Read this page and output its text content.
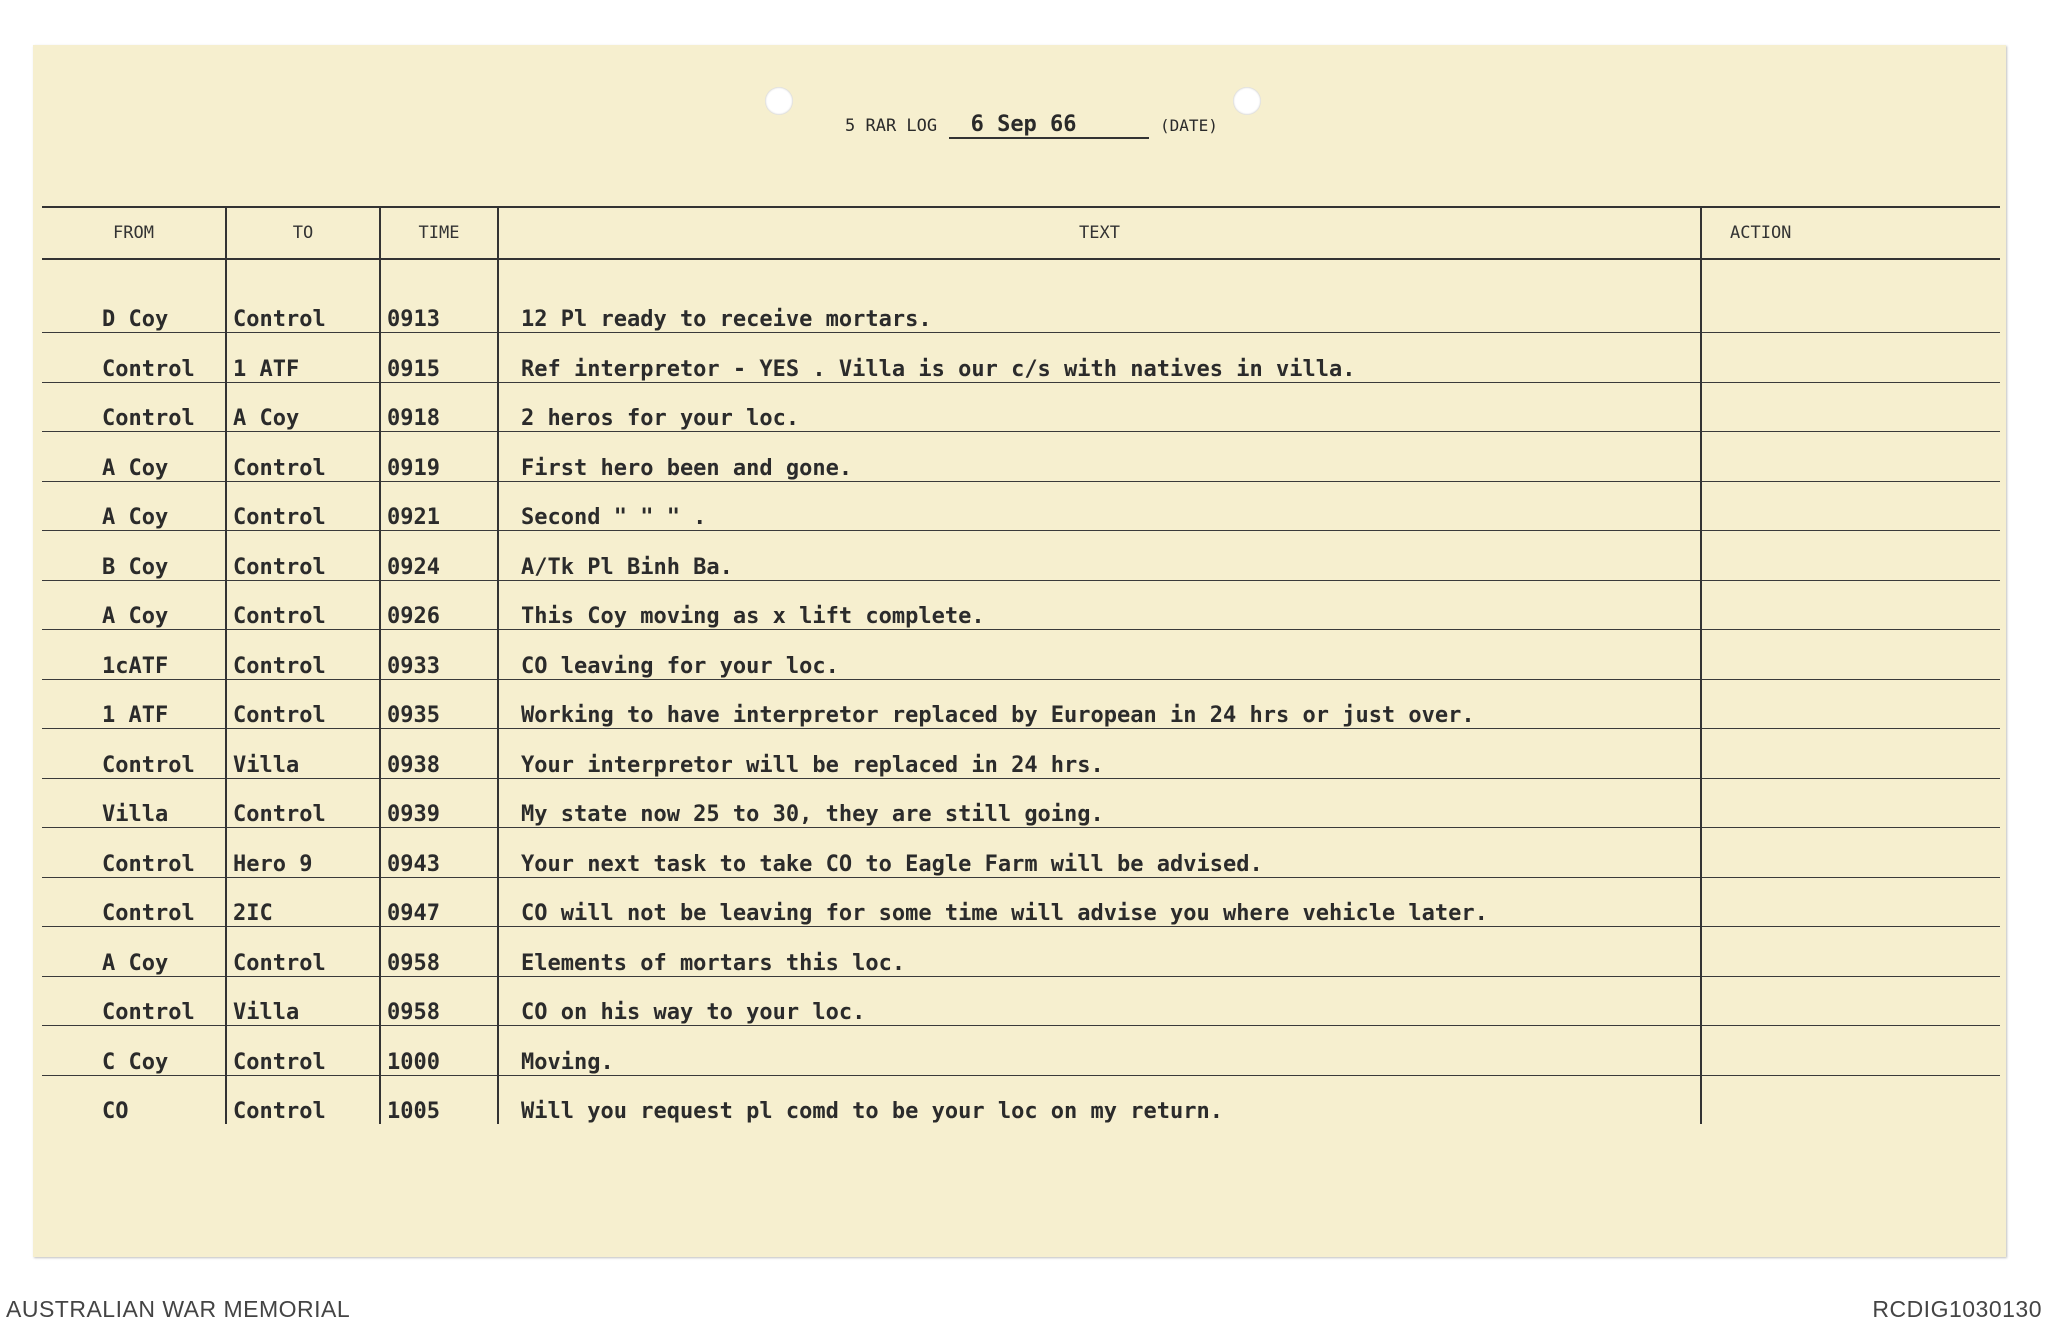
5 RAR LOG 6 Sep 66	(DATE)
FROM	TO	TIME	TEXT	ACTION
D Coy	Control	0913	12 Pl ready to receive mortars.	
Control	1 ATF	0915	Ref interpretor - YES . Villa is our c/s with natives in villa.	
Control	A Coy	0918	2 heros for your loc.	
A Coy	Control	0919	First hero been and gone.	
A Coy	Control	0921	Second " " " .	
B Coy	Control	0924	A/Tk Pl Binh Ba.	
A Coy	Control	0926	This Coy moving as x lift complete.	
1cATF	Control	0933	CO leaving for your loc.	
1 ATF	Control	0935	Working to have interpretor replaced by European in 24 hrs or just over.	
Control	Villa	0938	Your interpretor will be replaced in 24 hrs.	
Villa	Control	0939	My state now 25 to 30, they are still going.	
Control	Hero 9	0943	Your next task to take CO to Eagle Farm will be advised.	
Control	2IC	0947	CO will not be leaving for some time will advise you where vehicle later.	
A Coy	Control	0958	Elements of mortars this loc.	
Control	Villa	0958	CO on his way to your loc.	
C Coy	Control	1000	Moving.	
CO	Control	1005	Will you request pl comd to be your loc on my return.	
AUSTRALIAN WAR MEMORIAL	RCDIG1030130
